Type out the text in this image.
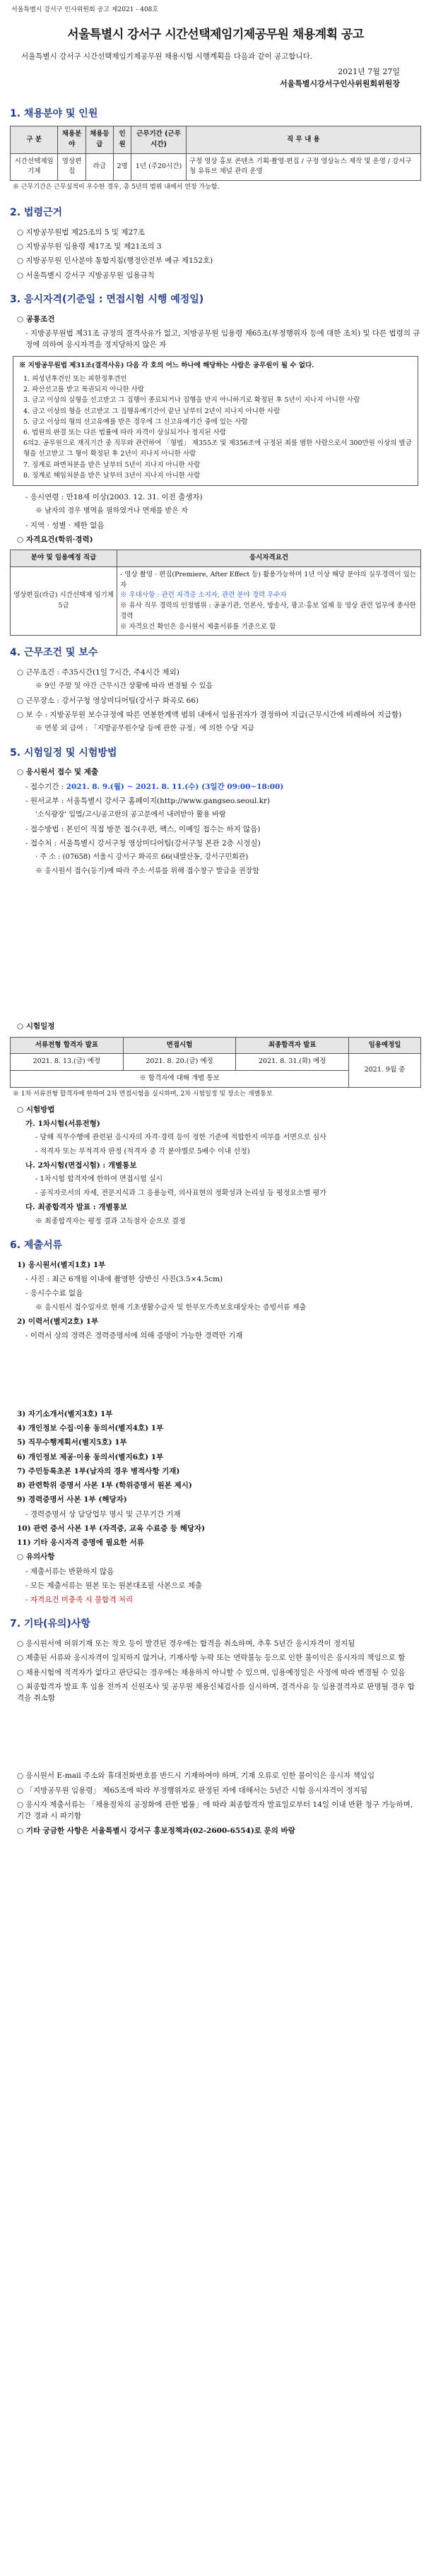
서울특별시 강서구 인사위원회 공고 제2021 - 408호
서울특별시 강서구 시간선택제임기제공무원 채용계획 공고
서울특별시 강서구 시간선택제임기제공무원 채용시험 시행계획을 다음과 같이 공고합니다.
2021년 7월 27일
서울특별시강서구인사위원회위원장
1. 채용분야 및 인원
구 분	채용분야	채용등급	인원	근무기간 (근무시간)	직 무 내 용
시간선택제임기제	영상편집	라급	2명	1년 (주20시간)	구정 영상 홍보 콘텐츠 기획·촬영·편집 / 구정 영상뉴스 제작 및 운영 / 강서구청 유튜브 채널 관리 운영
※ 근무기간은 근무실적이 우수한 경우, 총 5년의 범위 내에서 연장 가능함.
2. 법령근거
○ 지방공무원법 제25조의 5 및 제27조
○ 지방공무원 임용령 제17조 및 제21조의 3
○ 지방공무원 인사분야 통합지침(행정안전부 예규 제152호)
○ 서울특별시 강서구 지방공무원 임용규칙
3. 응시자격(기준일 : 면접시험 시행 예정일)
○ 공통조건
- 지방공무원법 제31조 규정의 결격사유가 없고, 지방공무원 임용령 제65조(부정행위자 등에 대한 조치) 및 다른 법령의 규정에 의하여 응시자격을 정지당하지 않은 자
※ 지방공무원법 제31조(결격사유) 다음 각 호의 어느 하나에 해당하는 사람은 공무원이 될 수 없다.
1. 피성년후견인 또는 피한정후견인
2. 파산선고를 받고 복권되지 아니한 사람
3. 금고 이상의 실형을 선고받고 그 집행이 종료되거나 집행을 받지 아니하기로 확정된 후 5년이 지나지 아니한 사람
4. 금고 이상의 형을 선고받고 그 집행유예기간이 끝난 날부터 2년이 지나지 아니한 사람
5. 금고 이상의 형의 선고유예를 받은 경우에 그 선고유예기간 중에 있는 사람
6. 법원의 판결 또는 다른 법률에 따라 자격이 상실되거나 정지된 사람
6의2. 공무원으로 재직기간 중 직무와 관련하여 「형법」 제355조 및 제356조에 규정된 죄를 범한 사람으로서 300만원 이상의 벌금형을 선고받고 그 형이 확정된 후 2년이 지나지 아니한 사람
7. 징계로 파면처분을 받은 날부터 5년이 지나지 아니한 사람
8. 징계로 해임처분을 받은 날부터 3년이 지나지 아니한 사람
- 응시연령 : 만18세 이상(2003. 12. 31. 이전 출생자)
※ 남자의 경우 병역을 필하였거나 면제를 받은 자
- 지역 · 성별 · 제한 없음
○ 자격요건(학위·경력)
분야 및 임용예정 직급	응시자격요건
영상편집(라급) 시간선택제 임기제 5급	- 영상 촬영 · 편집(Premiere, After Effect 등) 활용가능하며 1년 이상 해당 분야의 실무경력이 있는 자
※ 우대사항 : 관련 자격증 소지자, 관련 분야 경력 우수자
※ 유사 직무 경력의 인정범위 : 공공기관, 언론사, 방송사, 광고·홍보 업체 등 영상 관련 업무에 종사한 경력
※ 자격요건 확인은 응시원서 제출서류를 기준으로 함
4. 근무조건 및 보수
○ 근무조건 : 주35시간(1일 7시간, 주4시간 제외)
※ 9인 주말 및 야간 근무시간 상황에 따라 변경될 수 있음
○ 근무장소 : 강서구청 영상미디어팀(강서구 화곡로 66)
○ 보 수 : 지방공무원 보수규정에 따른 연봉한계액 범위 내에서 임용권자가 결정하여 지급(근무시간에 비례하여 지급함)
※ 연봉 외 급여 : 「지방공무원수당 등에 관한 규정」에 의한 수당 지급
5. 시험일정 및 시험방법
○ 응시원서 접수 및 제출
- 접수기간 : 2021. 8. 9.(월) ~ 2021. 8. 11.(수) (3일간 09:00~18:00)
- 원서교부 : 서울특별시 강서구 홈페이지(http://www.gangseo.seoul.kr)
'소식광장' 입법/고시/공고란의 공고문에서 내려받아 활용 바람
- 접수방법 : 본인이 직접 방문 접수(우편, 팩스, 이메일 접수는 하지 않음)
- 접수처 : 서울특별시 강서구청 영상미디어팀(강서구청 본관 2층 시정실)
· 주 소 : (07658) 서울시 강서구 화곡로 66(내발산동, 강서구민회관)
※ 응시원서 접수(등기)에 따라 주소·서류를 위해 접수창구 발급을 권장함
○ 시험일정
서류전형 합격자 발표	면접시험	최종합격자 발표	임용예정일
2021. 8. 13.(금) 예정	2021. 8. 20.(금) 예정	2021. 8. 31.(화) 예정	2021. 9월 중
※ 합격자에 대해 개별 통보			
※ 1차 서류전형 합격자에 한하여 2차 면접시험을 실시하며, 2차 시험일정 및 장소는 개별통보
○ 시험방법
가. 1차시험(서류전형)
- 당해 직무수행에 관련된 응시자의 자격·경력 등이 정한 기준에 적합한지 여부를 서면으로 심사
- 적격자 또는 부적격자 판정 (적격자 중 각 분야별로 5배수 이내 선정)
나. 2차시험(면접시험) : 개별통보
- 1차시험 합격자에 한하여 면접시험 실시
- 공직자로서의 자세, 전문지식과 그 응용능력, 의사표현의 정확성과 논리성 등 평정요소별 평가
다. 최종합격자 발표 : 개별통보
※ 최종합격자는 평정 결과 고득점자 순으로 결정
6. 제출서류
1) 응시원서(별지1호) 1부
- 사진 : 최근 6개월 이내에 촬영한 상반신 사진(3.5×4.5cm)
- 응시수수료 없음
※ 응시원서 접수일자로 현재 기초생활수급자 및 한부모가족보호대상자는 증빙서류 제출
2) 이력서(별지2호) 1부
- 이력서 상의 경력은 경력증명서에 의해 증명이 가능한 경력만 기재
3) 자기소개서(별지3호) 1부
4) 개인정보 수집·이용 동의서(별지4호) 1부
5) 직무수행계획서(별지5호) 1부
6) 개인정보 제공·이용 동의서(별지6호) 1부
7) 주민등록초본 1부(남자의 경우 병적사항 기재)
8) 관련학위 증명서 사본 1부 (학위증명서 원본 제시)
9) 경력증명서 사본 1부 (해당자)
- 경력증명서 상 담당업무 명시 및 근무기간 기재
10) 관련 증서 사본 1부 (자격증, 교육 수료증 등 해당자)
11) 기타 응시자격 증명에 필요한 서류
○ 유의사항
- 제출서류는 반환하지 않음
- 모든 제출서류는 원본 또는 원본대조필 사본으로 제출
- 자격요건 미충족 시 불합격 처리
7. 기타(유의)사항
○ 응시원서에 허위기재 또는 착오 등이 발견된 경우에는 합격을 취소하며, 추후 5년간 응시자격이 정지됨
○ 제출된 서류와 응시자격이 일치하지 않거나, 기재사항 누락 또는 연락불능 등으로 인한 불이익은 응시자의 책임으로 함
○ 채용시험에 적격자가 없다고 판단되는 경우에는 채용하지 아니할 수 있으며, 임용예정일은 사정에 따라 변경될 수 있음
○ 최종합격자 발표 후 임용 전까지 신원조사 및 공무원 채용신체검사를 실시하며, 결격사유 등 임용결격자로 판명될 경우 합격을 취소함
○ 응시원서 E-mail 주소와 휴대전화번호를 반드시 기재하여야 하며, 기재 오류로 인한 불이익은 응시자 책임임
○ 「지방공무원 임용령」 제65조에 따라 부정행위자로 판정된 자에 대해서는 5년간 시험 응시자격이 정지됨
○ 응시자 제출서류는 「채용절차의 공정화에 관한 법률」에 따라 최종합격자 발표일로부터 14일 이내 반환 청구 가능하며, 기간 경과 시 파기함
○ 기타 궁금한 사항은 서울특별시 강서구 홍보정책과(02-2600-6554)로 문의 바람
